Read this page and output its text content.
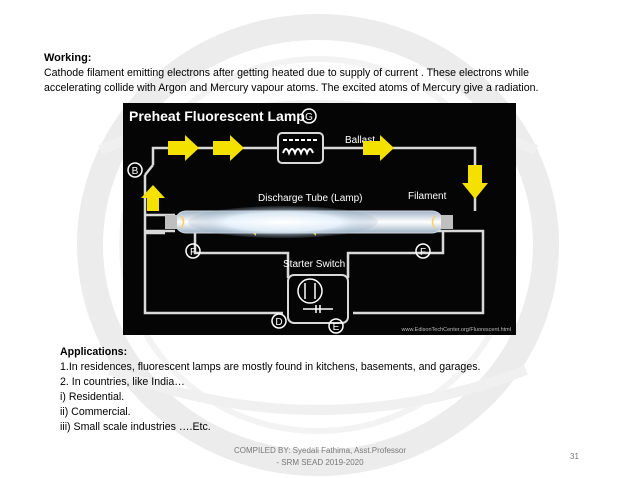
Working:
Cathode filament emitting electrons after getting heated due to supply of current . These electrons while
accelerating collide with Argon and Mercury vapour atoms. The excited atoms of Mercury give a radiation.
Preheat Fluorescent Lamp G
Ballast
B
Discharge Tube (Lamp)	Filament
F	F
Starter Switch
D	E	www.EdisonTechCenter.org/Fluorescent.html
Applications:
1.In residences, fluorescent lamps are mostly found in kitchens, basements, and garages.
2. In countries, like India…
i) Residential.
ii) Commercial.
iii) Small scale industries ….Etc.
COMPILED BY: Syedali Fathima, Asst.Professor
- SRM SEAD 2019-2020
31
